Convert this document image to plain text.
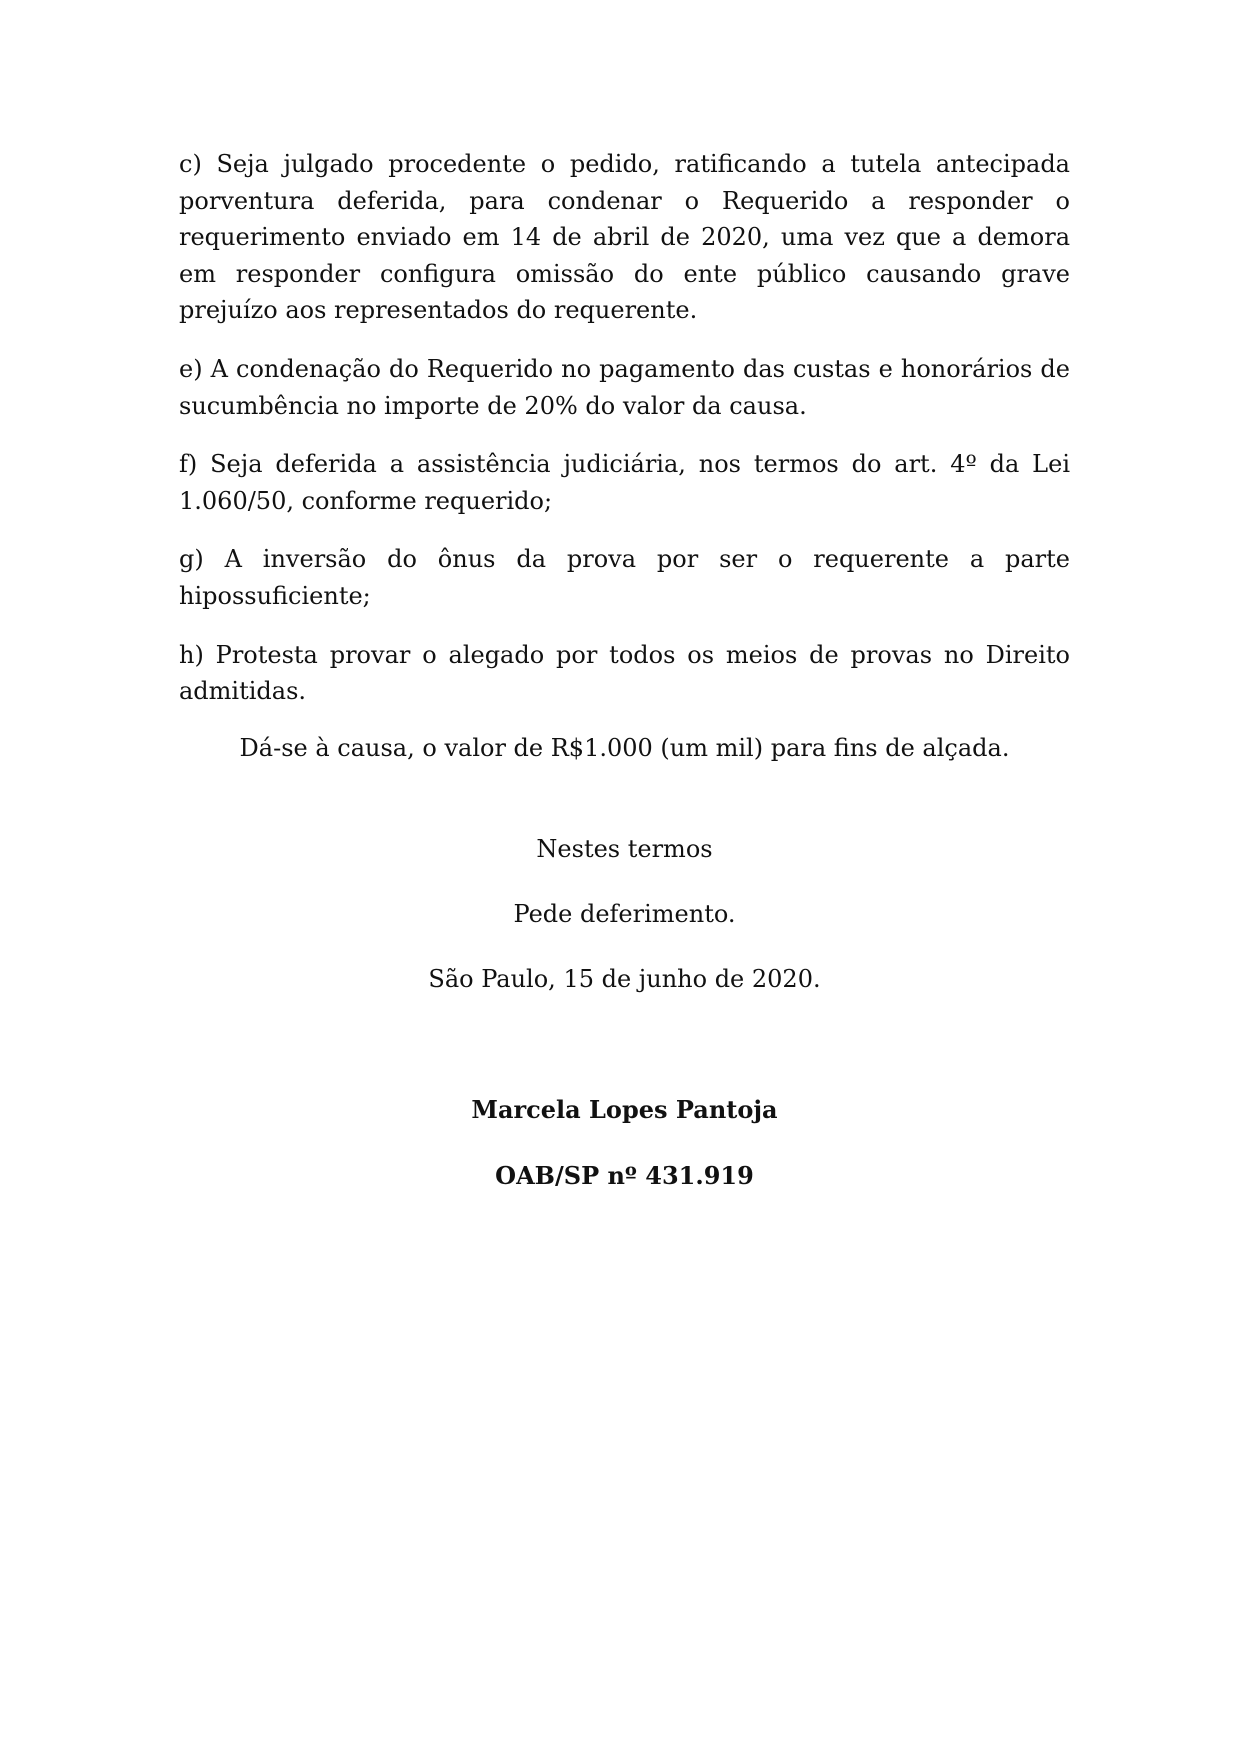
c) Seja julgado procedente o pedido, ratificando a tutela antecipada porventura deferida, para condenar o Requerido a responder o requerimento enviado em 14 de abril de 2020, uma vez que a demora em responder configura omissão do ente público causando grave prejuízo aos representados do requerente.

e) A condenação do Requerido no pagamento das custas e honorários de sucumbência no importe de 20% do valor da causa.

f) Seja deferida a assistência judiciária, nos termos do art. 4º da Lei 1.060/50, conforme requerido;

g) A inversão do ônus da prova por ser o requerente a parte hipossuficiente;

h) Protesta provar o alegado por todos os meios de provas no Direito admitidas.

Dá-se à causa, o valor de R$1.000 (um mil) para fins de alçada.

Nestes termos
Pede deferimento.
São Paulo, 15 de junho de 2020.
Marcela Lopes Pantoja
OAB/SP nº 431.919
